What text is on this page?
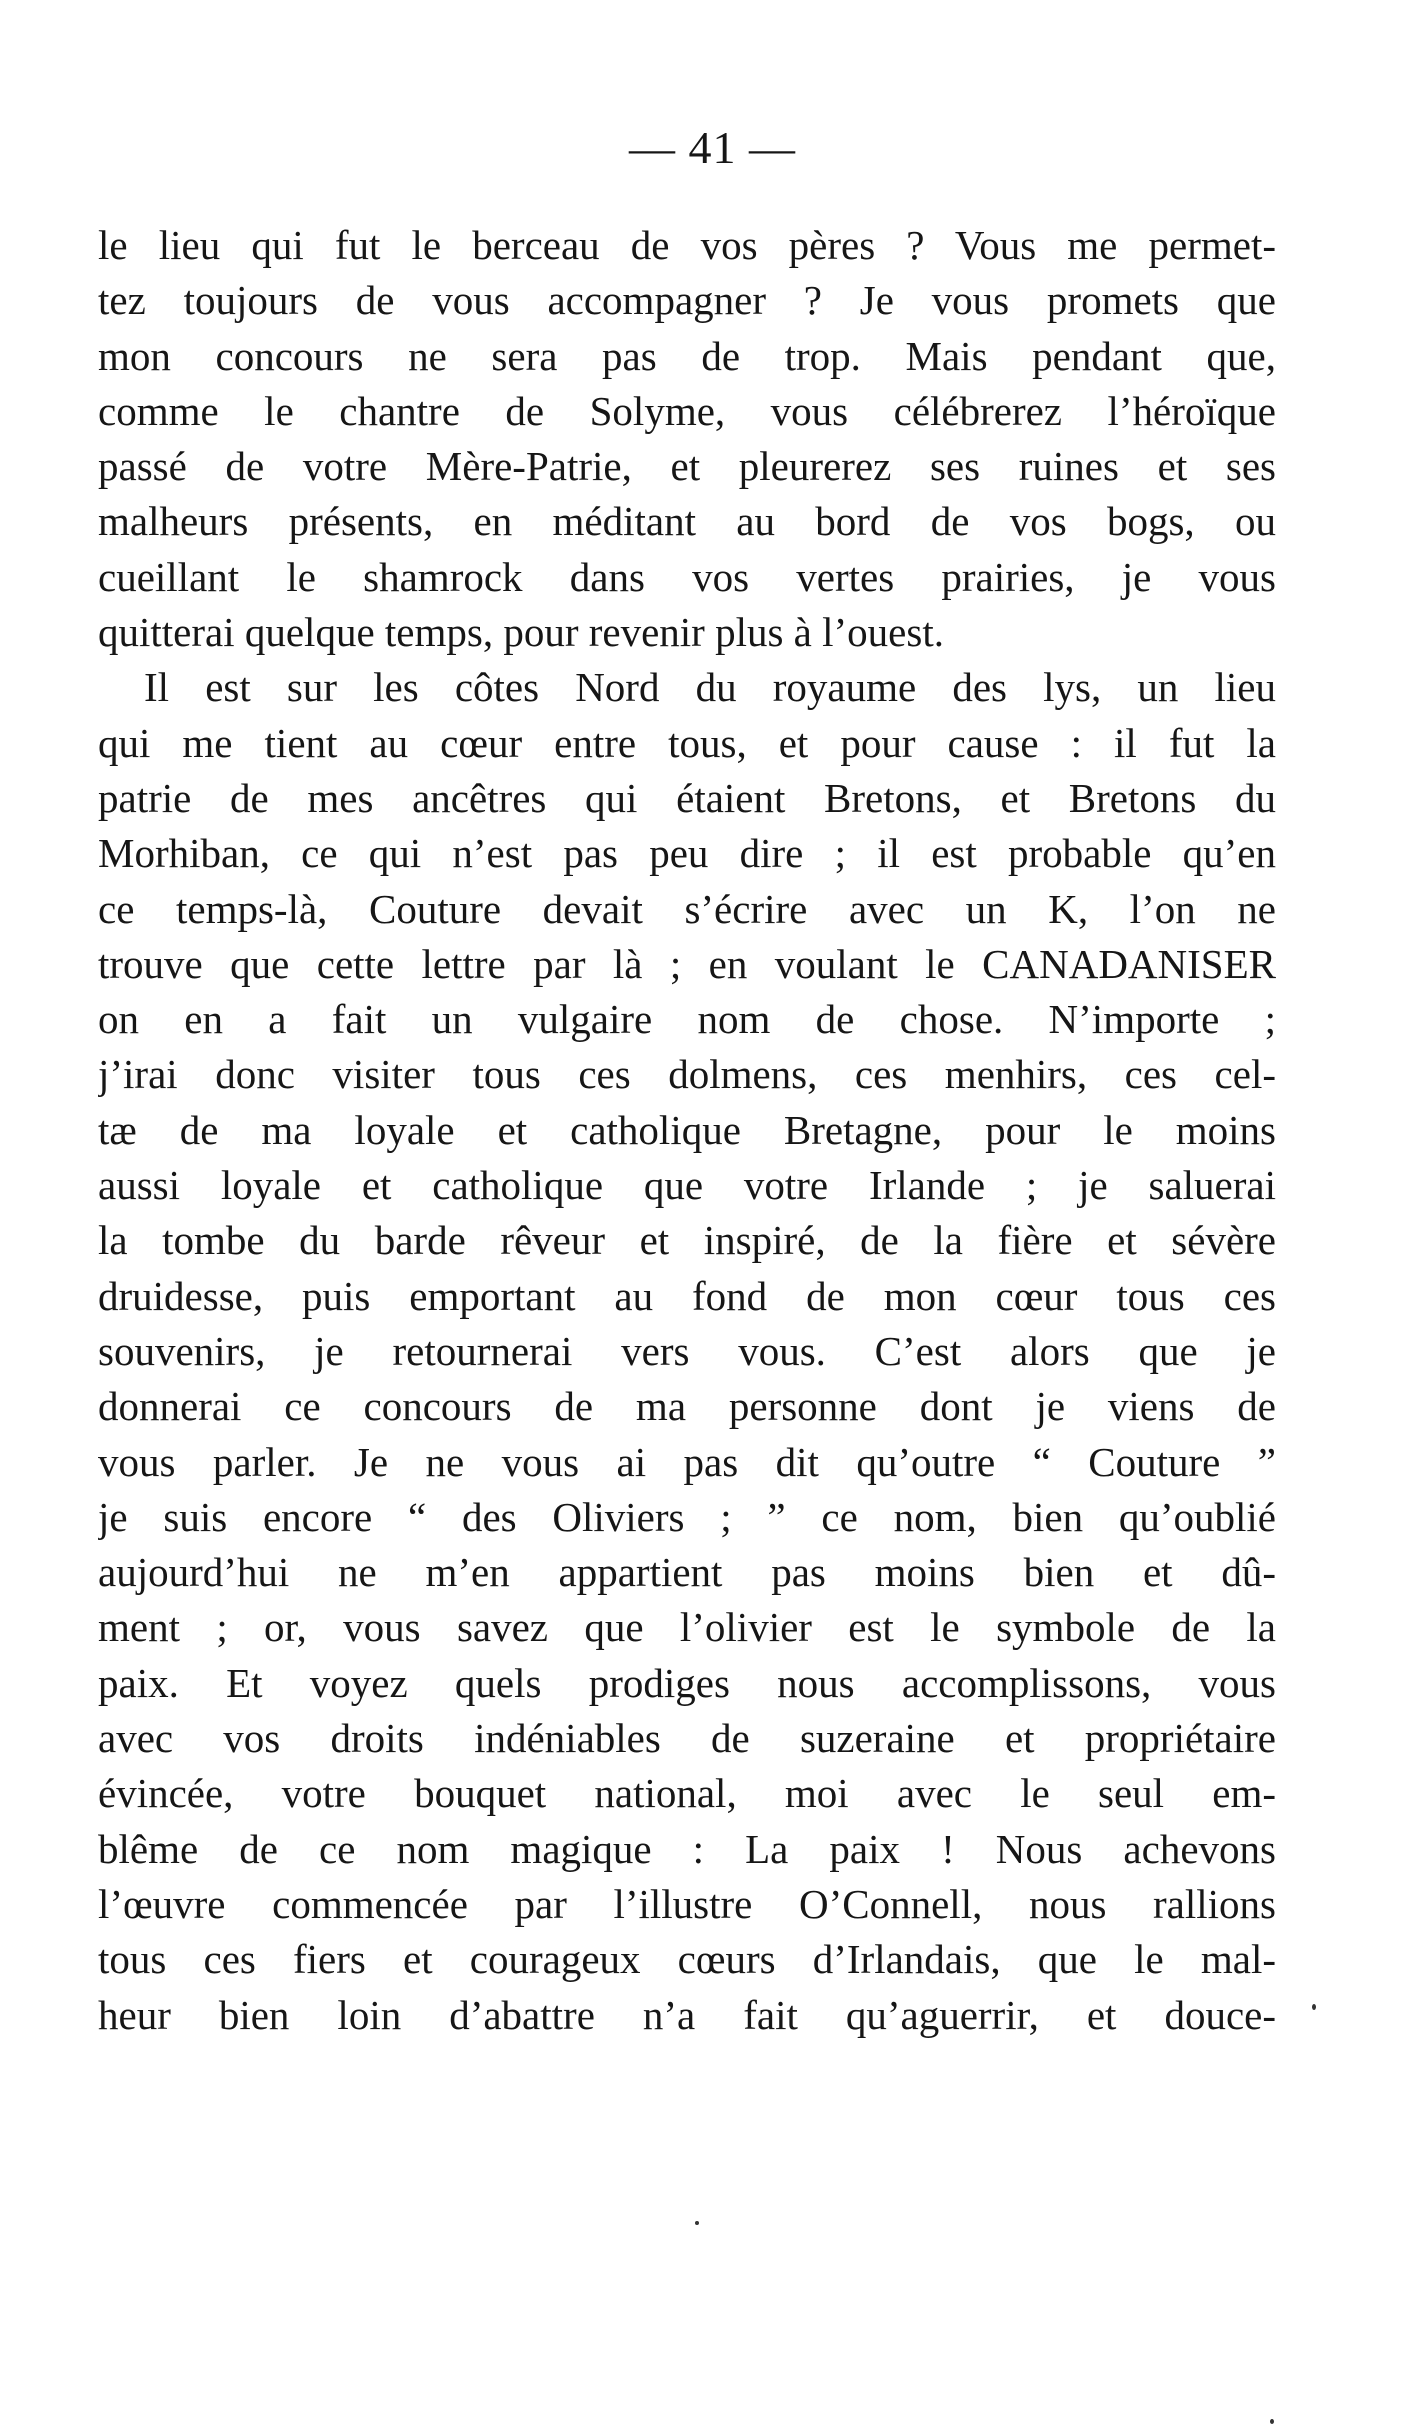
— 41 —
le lieu qui fut le berceau de vos pères ? Vous me permet-
tez toujours de vous accompagner ? Je vous promets que
mon concours ne sera pas de trop. Mais pendant que,
comme le chantre de Solyme, vous célébrerez l’héroïque
passé de votre Mère-Patrie, et pleurerez ses ruines et ses
malheurs présents, en méditant au bord de vos bogs, ou
cueillant le shamrock dans vos vertes prairies, je vous
quitterai quelque temps, pour revenir plus à l’ouest.
Il est sur les côtes Nord du royaume des lys, un lieu
qui me tient au cœur entre tous, et pour cause : il fut la
patrie de mes ancêtres qui étaient Bretons, et Bretons du
Morhiban, ce qui n’est pas peu dire ; il est probable qu’en
ce temps-là, Couture devait s’écrire avec un K, l’on ne
trouve que cette lettre par là ; en voulant le CANADANISER
on en a fait un vulgaire nom de chose. N’importe ;
j’irai donc visiter tous ces dolmens, ces menhirs, ces cel-
tæ de ma loyale et catholique Bretagne, pour le moins
aussi loyale et catholique que votre Irlande ; je saluerai
la tombe du barde rêveur et inspiré, de la fière et sévère
druidesse, puis emportant au fond de mon cœur tous ces
souvenirs, je retournerai vers vous. C’est alors que je
donnerai ce concours de ma personne dont je viens de
vous parler. Je ne vous ai pas dit qu’outre “ Couture ”
je suis encore “ des Oliviers ; ” ce nom, bien qu’oublié
aujourd’hui ne m’en appartient pas moins bien et dû-
ment ; or, vous savez que l’olivier est le symbole de la
paix. Et voyez quels prodiges nous accomplissons, vous
avec vos droits indéniables de suzeraine et propriétaire
évincée, votre bouquet national, moi avec le seul em-
blême de ce nom magique : La paix ! Nous achevons
l’œuvre commencée par l’illustre O’Connell, nous rallions
tous ces fiers et courageux cœurs d’Irlandais, que le mal-
heur bien loin d’abattre n’a fait qu’aguerrir, et douce-
